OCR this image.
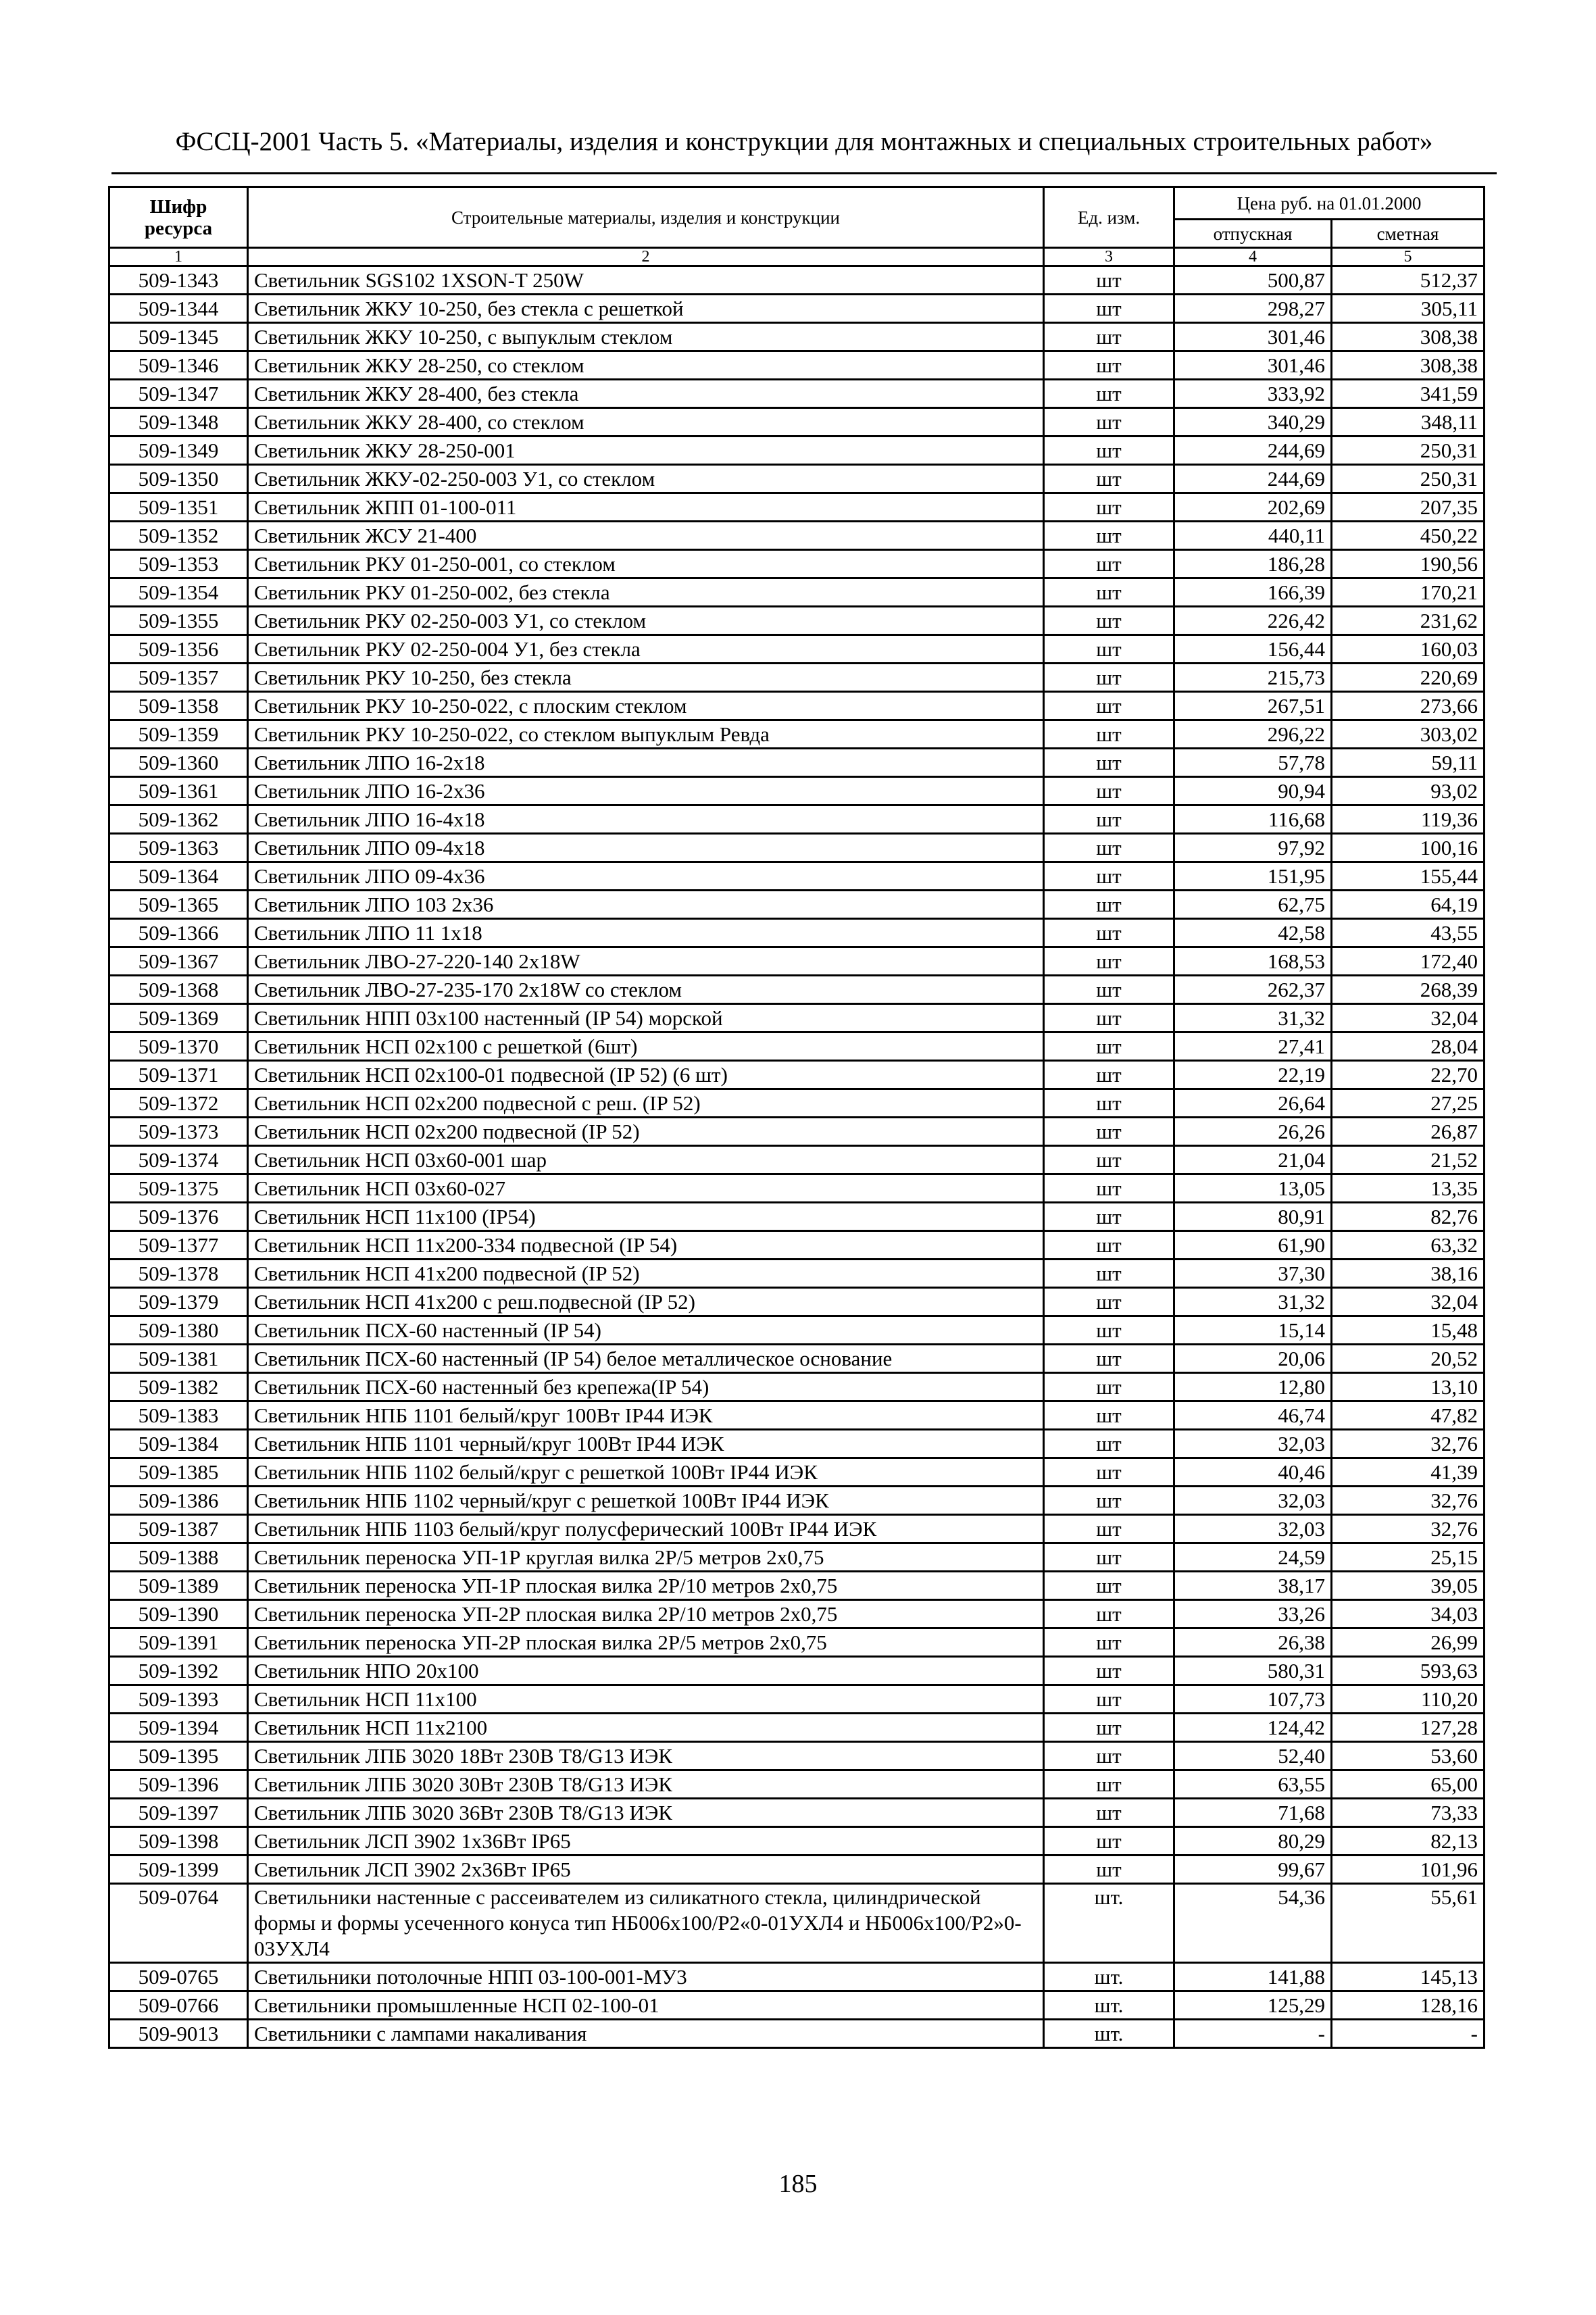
ФССЦ-2001 Часть 5. «Материалы, изделия и конструкции для монтажных и специальных строительных работ»
Шифр ресурса	Строительные материалы, изделия и конструкции	Ед. изм.	Цена руб. на 01.01.2000	
			отпускная	сметная
1	2	3	4	5
509-1343	Светильник SGS102 1XSON-T 250W	шт	500,87	512,37
509-1344	Светильник ЖКУ 10-250, без стекла с решеткой	шт	298,27	305,11
509-1345	Светильник ЖКУ 10-250, с выпуклым стеклом	шт	301,46	308,38
509-1346	Светильник ЖКУ 28-250, со стеклом	шт	301,46	308,38
509-1347	Светильник ЖКУ 28-400, без стекла	шт	333,92	341,59
509-1348	Светильник ЖКУ 28-400, со стеклом	шт	340,29	348,11
509-1349	Светильник ЖКУ 28-250-001	шт	244,69	250,31
509-1350	Светильник ЖКУ-02-250-003 У1, со стеклом	шт	244,69	250,31
509-1351	Светильник ЖПП 01-100-011	шт	202,69	207,35
509-1352	Светильник ЖСУ 21-400	шт	440,11	450,22
509-1353	Светильник РКУ 01-250-001, со стеклом	шт	186,28	190,56
509-1354	Светильник РКУ 01-250-002, без стекла	шт	166,39	170,21
509-1355	Светильник РКУ 02-250-003 У1, со стеклом	шт	226,42	231,62
509-1356	Светильник РКУ 02-250-004 У1, без стекла	шт	156,44	160,03
509-1357	Светильник РКУ 10-250, без стекла	шт	215,73	220,69
509-1358	Светильник РКУ 10-250-022, с плоским стеклом	шт	267,51	273,66
509-1359	Светильник РКУ 10-250-022, со стеклом выпуклым Ревда	шт	296,22	303,02
509-1360	Светильник ЛПО 16-2х18	шт	57,78	59,11
509-1361	Светильник ЛПО 16-2х36	шт	90,94	93,02
509-1362	Светильник ЛПО 16-4х18	шт	116,68	119,36
509-1363	Светильник ЛПО 09-4х18	шт	97,92	100,16
509-1364	Светильник ЛПО 09-4х36	шт	151,95	155,44
509-1365	Светильник ЛПО 103 2х36	шт	62,75	64,19
509-1366	Светильник ЛПО 11 1х18	шт	42,58	43,55
509-1367	Светильник ЛВО-27-220-140 2х18W	шт	168,53	172,40
509-1368	Светильник ЛВО-27-235-170 2х18W со стеклом	шт	262,37	268,39
509-1369	Светильник НПП 03х100 настенный (IP 54) морской	шт	31,32	32,04
509-1370	Светильник НСП 02х100 с решеткой (6шт)	шт	27,41	28,04
509-1371	Светильник НСП 02х100-01 подвесной (IP 52) (6 шт)	шт	22,19	22,70
509-1372	Светильник НСП 02х200 подвесной с реш. (IP 52)	шт	26,64	27,25
509-1373	Светильник НСП 02х200 подвесной (IP 52)	шт	26,26	26,87
509-1374	Светильник НСП 03х60-001 шар	шт	21,04	21,52
509-1375	Светильник НСП 03х60-027	шт	13,05	13,35
509-1376	Светильник НСП 11х100 (IP54)	шт	80,91	82,76
509-1377	Светильник НСП 11х200-334 подвесной (IP 54)	шт	61,90	63,32
509-1378	Светильник НСП 41х200 подвесной (IP 52)	шт	37,30	38,16
509-1379	Светильник НСП 41х200 с реш.подвесной (IP 52)	шт	31,32	32,04
509-1380	Светильник ПСХ-60 настенный (IP 54)	шт	15,14	15,48
509-1381	Светильник ПСХ-60 настенный (IP 54) белое металлическое основание	шт	20,06	20,52
509-1382	Светильник ПСХ-60 настенный без крепежа(IP 54)	шт	12,80	13,10
509-1383	Светильник НПБ 1101 белый/круг 100Вт IP44 ИЭК	шт	46,74	47,82
509-1384	Светильник НПБ 1101 черный/круг 100Вт IP44 ИЭК	шт	32,03	32,76
509-1385	Светильник НПБ 1102 белый/круг с решеткой 100Вт IP44 ИЭК	шт	40,46	41,39
509-1386	Светильник НПБ 1102 черный/круг с решеткой 100Вт IP44 ИЭК	шт	32,03	32,76
509-1387	Светильник НПБ 1103 белый/круг полусферический 100Вт IP44 ИЭК	шт	32,03	32,76
509-1388	Светильник переноска УП-1Р круглая вилка 2Р/5 метров 2х0,75	шт	24,59	25,15
509-1389	Светильник переноска УП-1Р плоская вилка 2Р/10 метров 2х0,75	шт	38,17	39,05
509-1390	Светильник переноска УП-2Р плоская вилка 2Р/10 метров 2х0,75	шт	33,26	34,03
509-1391	Светильник переноска УП-2Р плоская вилка 2Р/5 метров 2х0,75	шт	26,38	26,99
509-1392	Светильник НПО 20х100	шт	580,31	593,63
509-1393	Светильник НСП 11х100	шт	107,73	110,20
509-1394	Светильник НСП 11х2100	шт	124,42	127,28
509-1395	Светильник ЛПБ 3020 18Вт 230В T8/G13 ИЭК	шт	52,40	53,60
509-1396	Светильник ЛПБ 3020 30Вт 230В T8/G13 ИЭК	шт	63,55	65,00
509-1397	Светильник ЛПБ 3020 36Вт 230В T8/G13 ИЭК	шт	71,68	73,33
509-1398	Светильник ЛСП 3902 1х36Вт IP65	шт	80,29	82,13
509-1399	Светильник ЛСП 3902 2х36Вт IP65	шт	99,67	101,96
509-0764	Светильники настенные с рассеивателем из силикатного стекла, цилиндрической формы и формы усеченного конуса тип НБ006х100/Р2«0-01УХЛ4 и НБ006х100/Р2»0-03УХЛ4	шт.	54,36	55,61
509-0765	Светильники потолочные НПП 03-100-001-МУ3	шт.	141,88	145,13
509-0766	Светильники промышленные НСП 02-100-01	шт.	125,29	128,16
509-9013	Светильники с лампами накаливания	шт.	-	-
185
